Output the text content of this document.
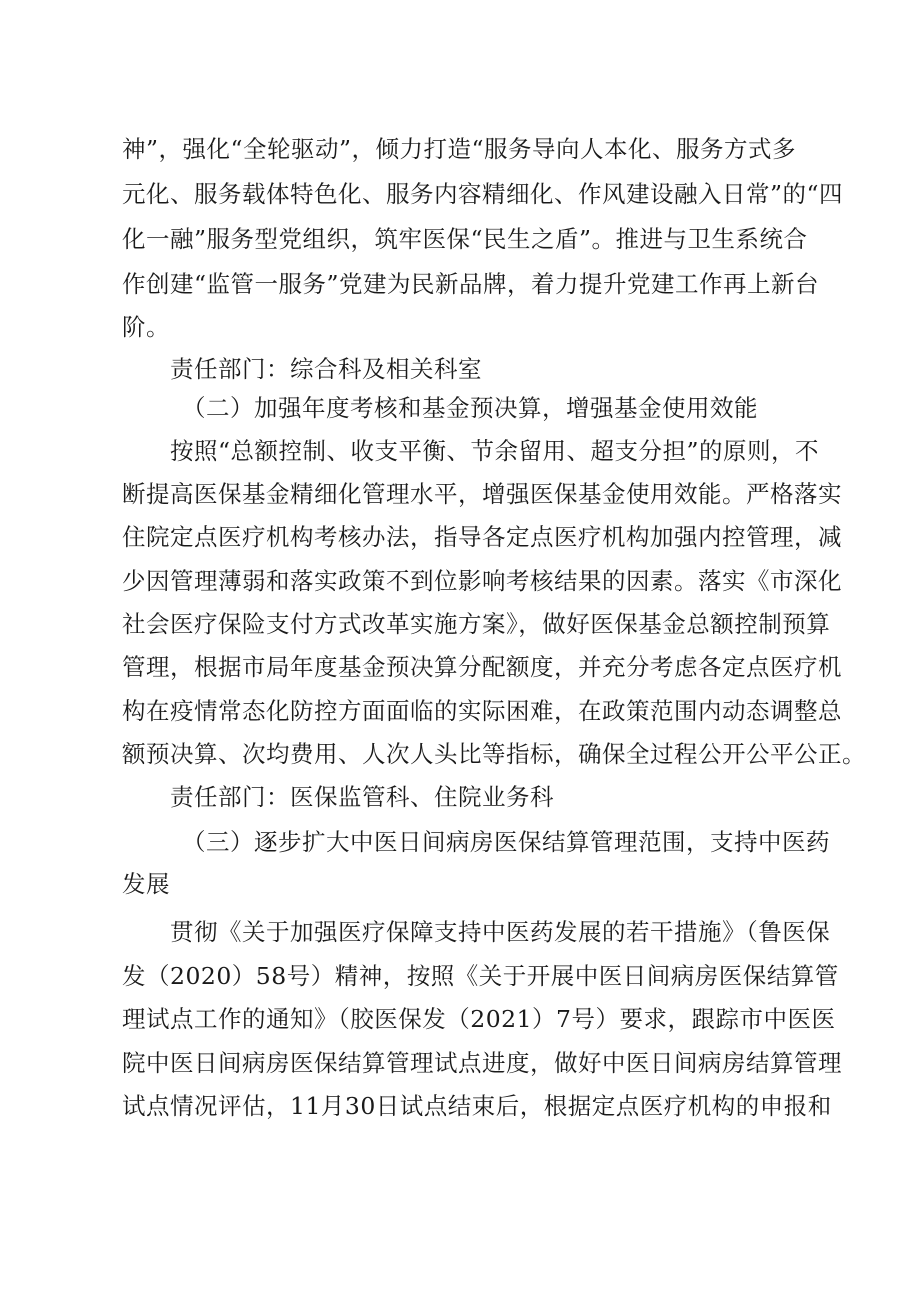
神”，强化“全轮驱动”，倾力打造“服务导向人本化、服务方式多
元化、服务载体特色化、服务内容精细化、作风建设融入日常”的“四
化一融”服务型党组织，筑牢医保“民生之盾”。推进与卫生系统合
作创建“监管一服务”党建为民新品牌，着力提升党建工作再上新台
阶。
责任部门：综合科及相关科室
（二）加强年度考核和基金预决算，增强基金使用效能
按照“总额控制、收支平衡、节余留用、超支分担”的原则，不
断提高医保基金精细化管理水平，增强医保基金使用效能。严格落实
住院定点医疗机构考核办法，指导各定点医疗机构加强内控管理，减
少因管理薄弱和落实政策不到位影响考核结果的因素。落实《市深化
社会医疗保险支付方式改革实施方案》，做好医保基金总额控制预算
管理，根据市局年度基金预决算分配额度，并充分考虑各定点医疗机
构在疫情常态化防控方面面临的实际困难，在政策范围内动态调整总
额预决算、次均费用、人次人头比等指标，确保全过程公开公平公正。
责任部门：医保监管科、住院业务科
（三）逐步扩大中医日间病房医保结算管理范围，支持中医药
发展
贯彻《关于加强医疗保障支持中医药发展的若干措施》（鲁医保
发（2020）58号）精神，按照《关于开展中医日间病房医保结算管
理试点工作的通知》（胶医保发（2021）7号）要求，跟踪市中医医
院中医日间病房医保结算管理试点进度，做好中医日间病房结算管理
试点情况评估，11月30日试点结束后，根据定点医疗机构的申报和
